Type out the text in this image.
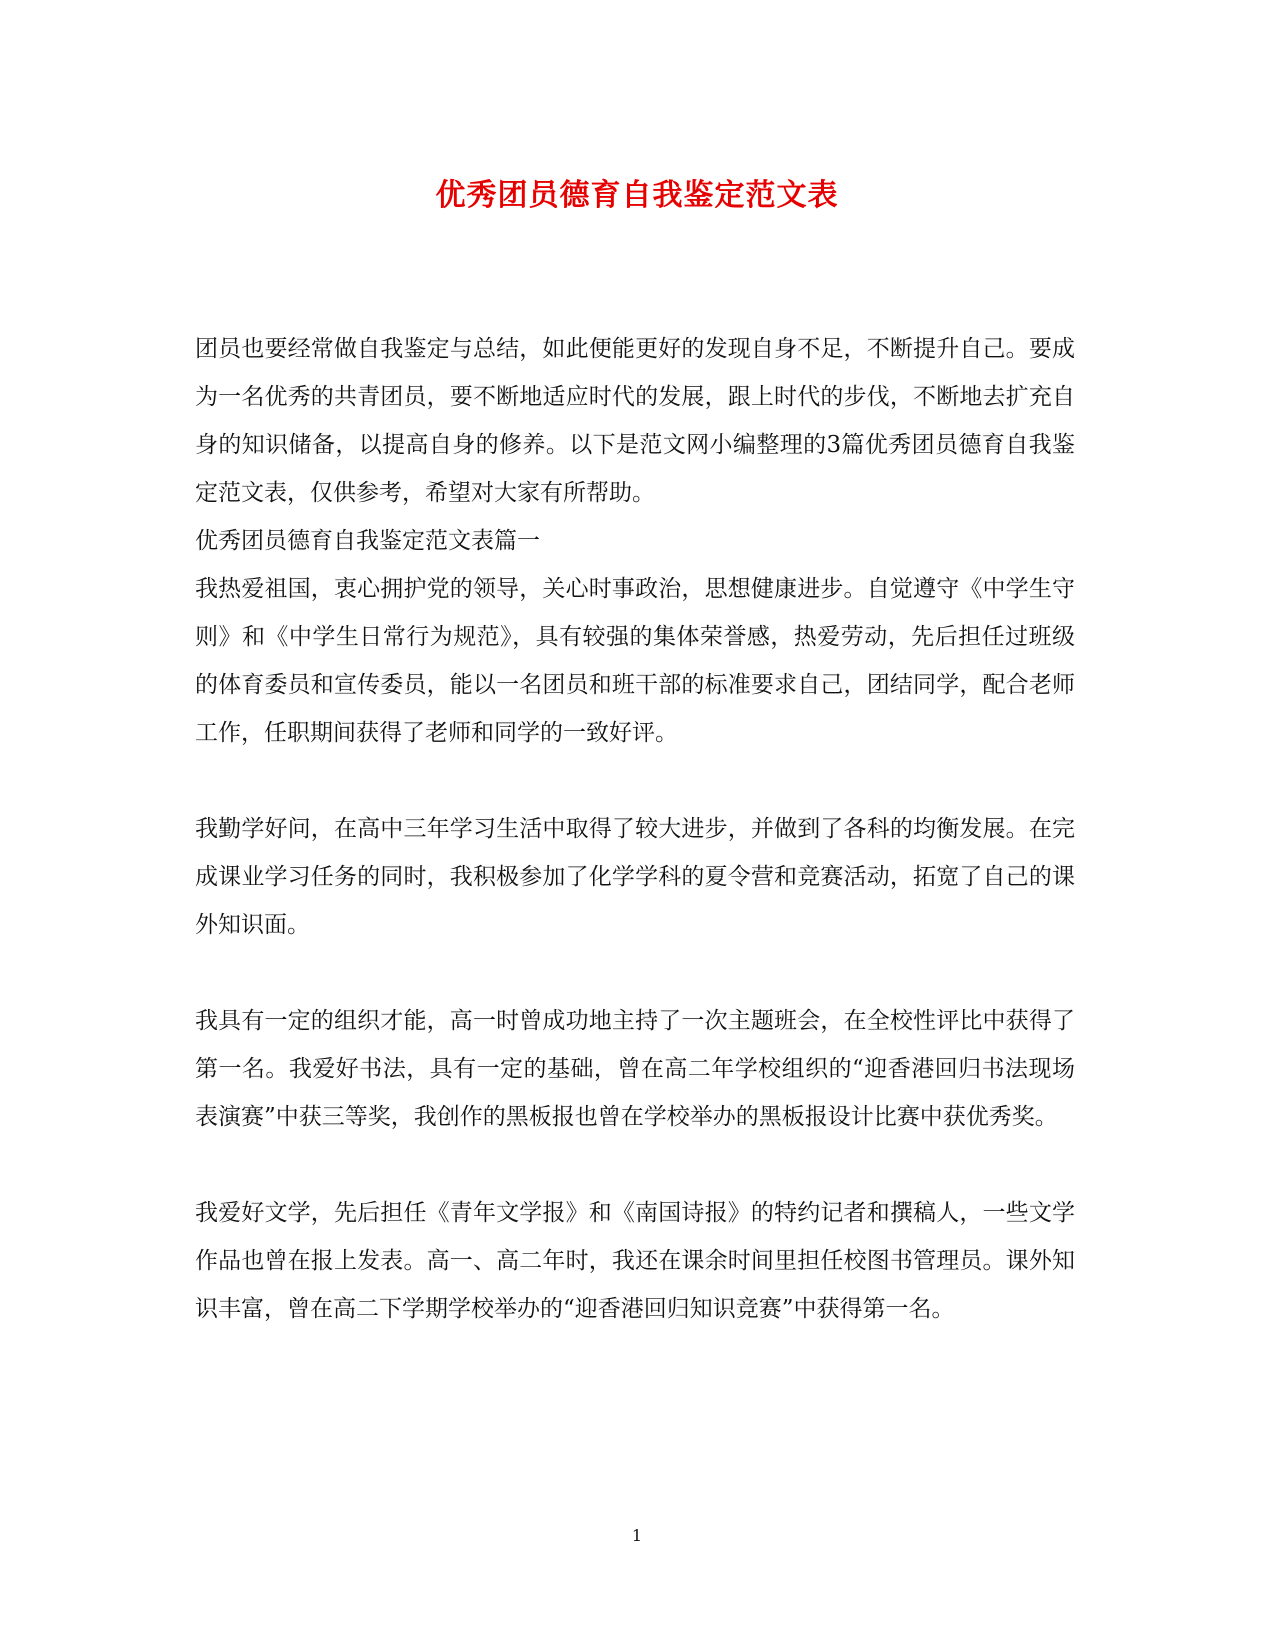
优秀团员德育自我鉴定范文表

团员也要经常做自我鉴定与总结，如此便能更好的发现自身不足，不断提升自己。要成为一名优秀的共青团员，要不断地适应时代的发展，跟上时代的步伐，不断地去扩充自身的知识储备，以提高自身的修养。以下是范文网小编整理的3篇优秀团员德育自我鉴定范文表，仅供参考，希望对大家有所帮助。

优秀团员德育自我鉴定范文表篇一

我热爱祖国，衷心拥护党的领导，关心时事政治，思想健康进步。自觉遵守《中学生守则》和《中学生日常行为规范》，具有较强的集体荣誉感，热爱劳动，先后担任过班级的体育委员和宣传委员，能以一名团员和班干部的标准要求自己，团结同学，配合老师工作，任职期间获得了老师和同学的一致好评。

我勤学好问，在高中三年学习生活中取得了较大进步，并做到了各科的均衡发展。在完成课业学习任务的同时，我积极参加了化学学科的夏令营和竞赛活动，拓宽了自己的课外知识面。

我具有一定的组织才能，高一时曾成功地主持了一次主题班会，在全校性评比中获得了第一名。我爱好书法，具有一定的基础，曾在高二年学校组织的“迎香港回归书法现场表演赛”中获三等奖，我创作的黑板报也曾在学校举办的黑板报设计比赛中获优秀奖。

我爱好文学，先后担任《青年文学报》和《南国诗报》的特约记者和撰稿人，一些文学作品也曾在报上发表。高一、高二年时，我还在课余时间里担任校图书管理员。课外知识丰富，曾在高二下学期学校举办的“迎香港回归知识竞赛”中获得第一名。

1
